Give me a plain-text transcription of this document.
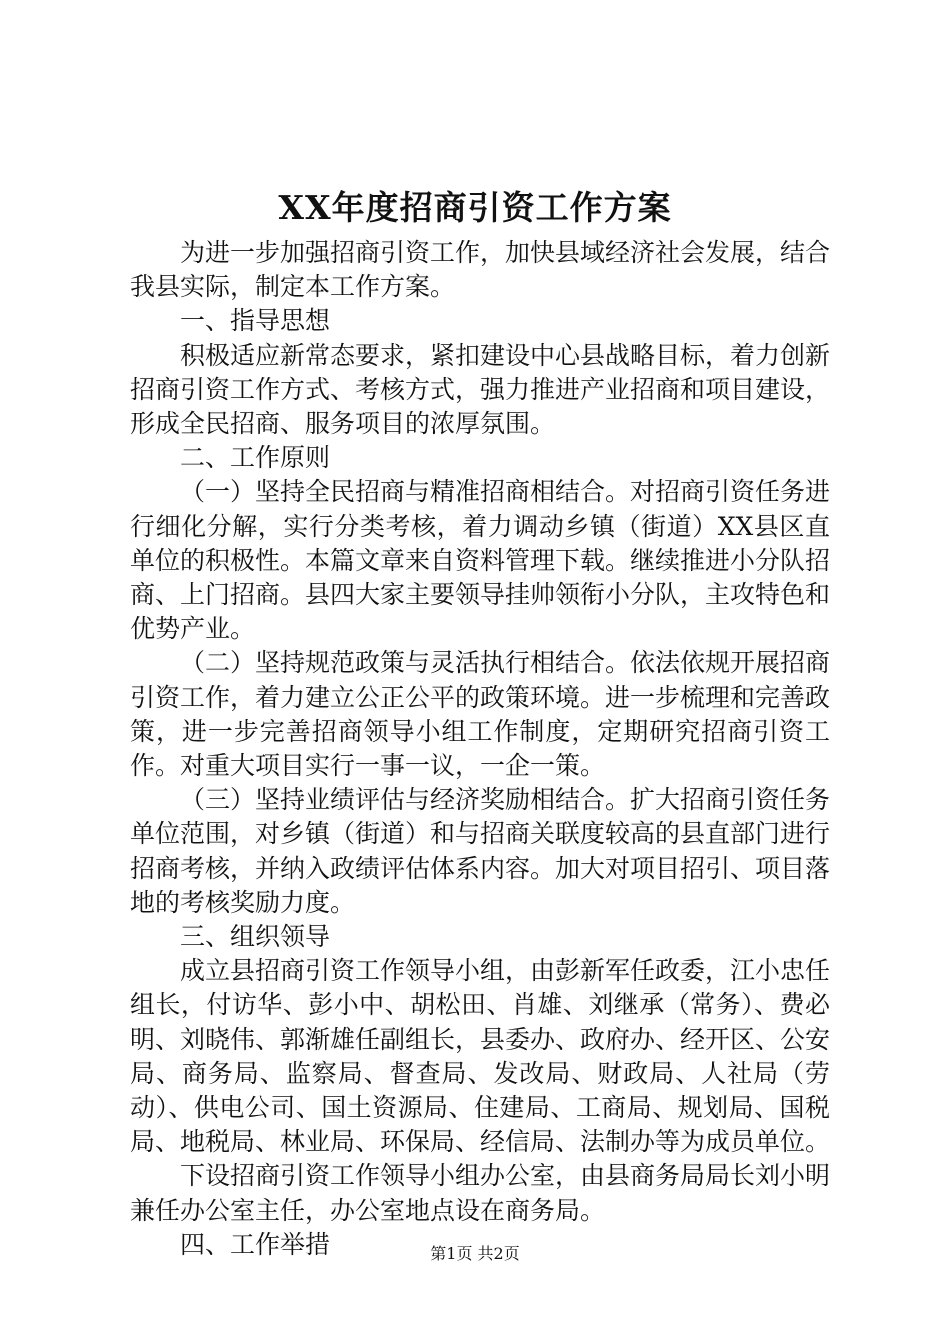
XX年度招商引资工作方案

为进一步加强招商引资工作，加快县域经济社会发展，结合我县实际，制定本工作方案。

一、指导思想

积极适应新常态要求，紧扣建设中心县战略目标，着力创新招商引资工作方式、考核方式，强力推进产业招商和项目建设，形成全民招商、服务项目的浓厚氛围。

二、工作原则

（一）坚持全民招商与精准招商相结合。对招商引资任务进行细化分解，实行分类考核，着力调动乡镇（街道）XX县区直单位的积极性。本篇文章来自资料管理下载。继续推进小分队招商、上门招商。县四大家主要领导挂帅领衔小分队，主攻特色和优势产业。

（二）坚持规范政策与灵活执行相结合。依法依规开展招商引资工作，着力建立公正公平的政策环境。进一步梳理和完善政策，进一步完善招商领导小组工作制度，定期研究招商引资工作。对重大项目实行一事一议，一企一策。

（三）坚持业绩评估与经济奖励相结合。扩大招商引资任务单位范围，对乡镇（街道）和与招商关联度较高的县直部门进行招商考核，并纳入政绩评估体系内容。加大对项目招引、项目落地的考核奖励力度。

三、组织领导

成立县招商引资工作领导小组，由彭新军任政委，江小忠任组长，付访华、彭小中、胡松田、肖雄、刘继承（常务）、费必明、刘晓伟、郭渐雄任副组长，县委办、政府办、经开区、公安局、商务局、监察局、督查局、发改局、财政局、人社局（劳动）、供电公司、国土资源局、住建局、工商局、规划局、国税局、地税局、林业局、环保局、经信局、法制办等为成员单位。

下设招商引资工作领导小组办公室，由县商务局局长刘小明兼任办公室主任，办公室地点设在商务局。

四、工作举措	第1页 共2页
